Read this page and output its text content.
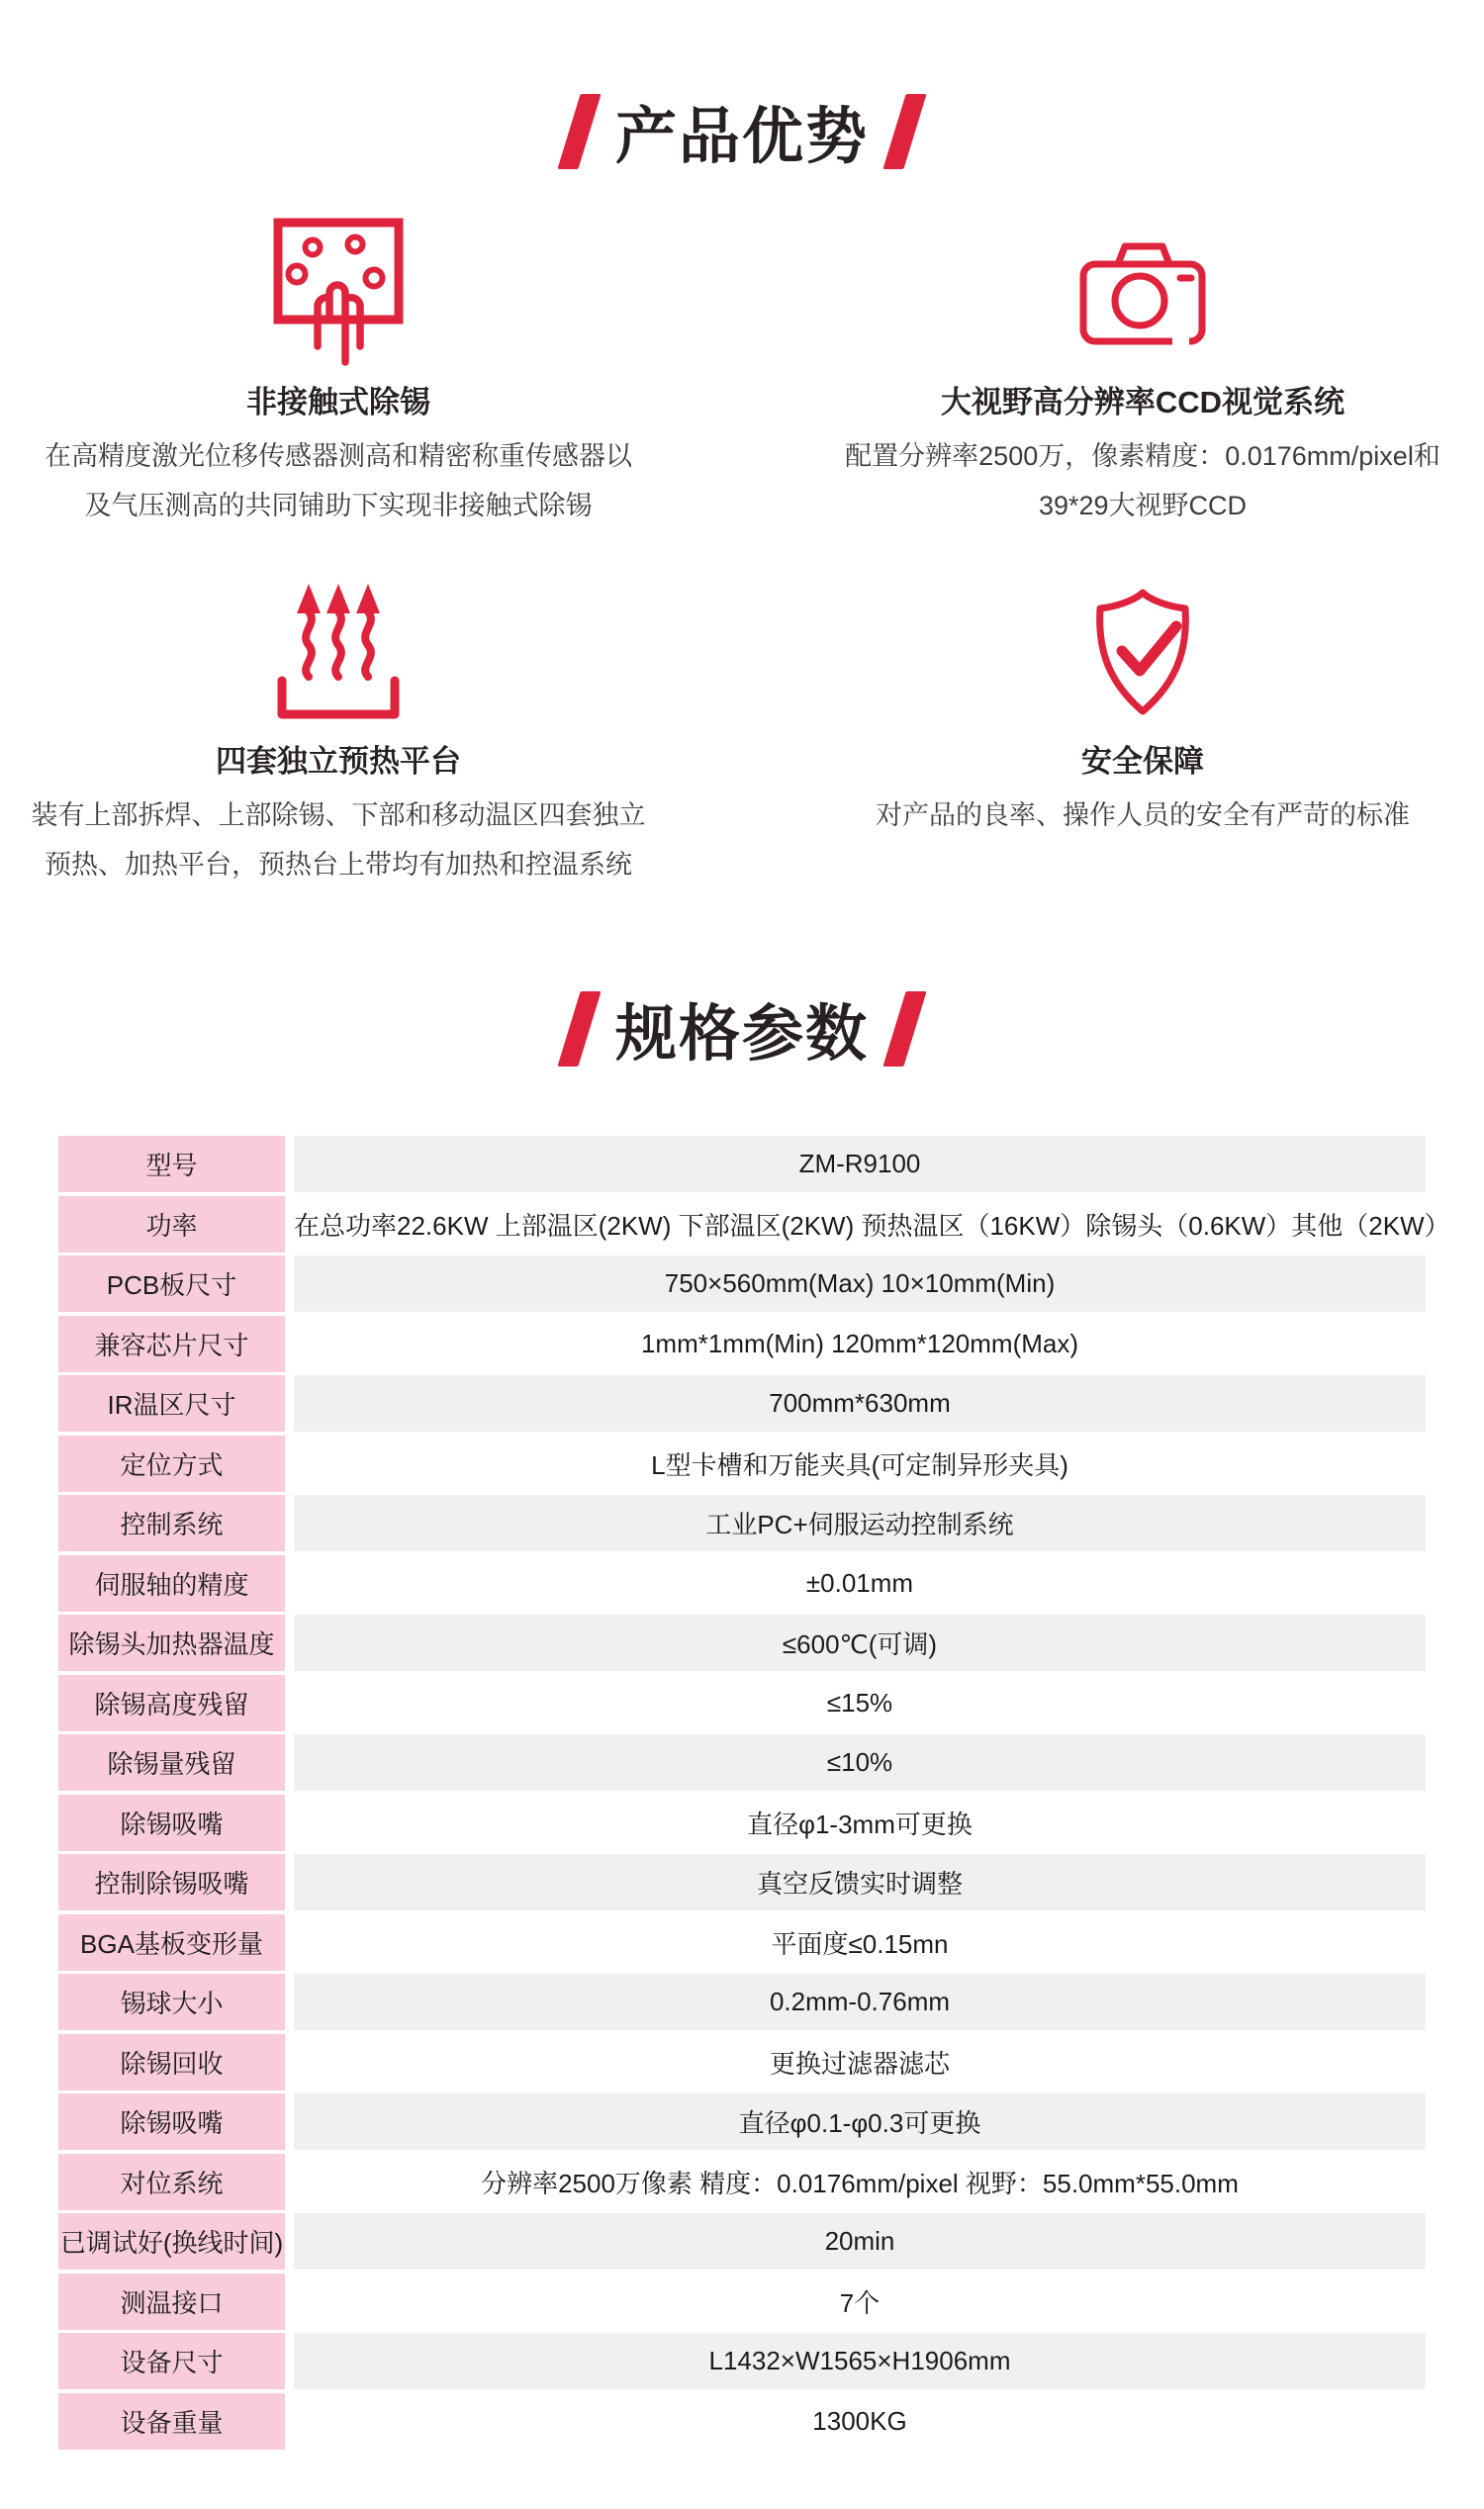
产品优势
非接触式除锡
在高精度激光位移传感器测高和精密称重传感器以
及气压测高的共同铺助下实现非接触式除锡
大视野高分辨率CCD视觉系统
配置分辨率2500万，像素精度：0.0176mm/pixel和
39*29大视野CCD
四套独立预热平台
装有上部拆焊、上部除锡、下部和移动温区四套独立
预热、加热平台，预热台上带均有加热和控温系统
安全保障
对产品的良率、操作人员的安全有严苛的标准
规格参数
型号	ZM-R9100
功率	在总功率22.6KW 上部温区(2KW) 下部温区(2KW) 预热温区（16KW）除锡头（0.6KW）其他（2KW）
PCB板尺寸	750×560mm(Max) 10×10mm(Min)
兼容芯片尺寸	1mm*1mm(Min) 120mm*120mm(Max)
IR温区尺寸	700mm*630mm
定位方式	L型卡槽和万能夹具(可定制异形夹具)
控制系统	工业PC+伺服运动控制系统
伺服轴的精度	±0.01mm
除锡头加热器温度	≤600℃(可调)
除锡高度残留	≤15%
除锡量残留	≤10%
除锡吸嘴	直径φ1-3mm可更换
控制除锡吸嘴	真空反馈实时调整
BGA基板变形量	平面度≤0.15mn
锡球大小	0.2mm-0.76mm
除锡回收	更换过滤器滤芯
除锡吸嘴	直径φ0.1-φ0.3可更换
对位系统	分辨率2500万像素 精度：0.0176mm/pixel 视野：55.0mm*55.0mm
已调试好(换线时间)	20min
测温接口	7个
设备尺寸	L1432×W1565×H1906mm
设备重量	1300KG
